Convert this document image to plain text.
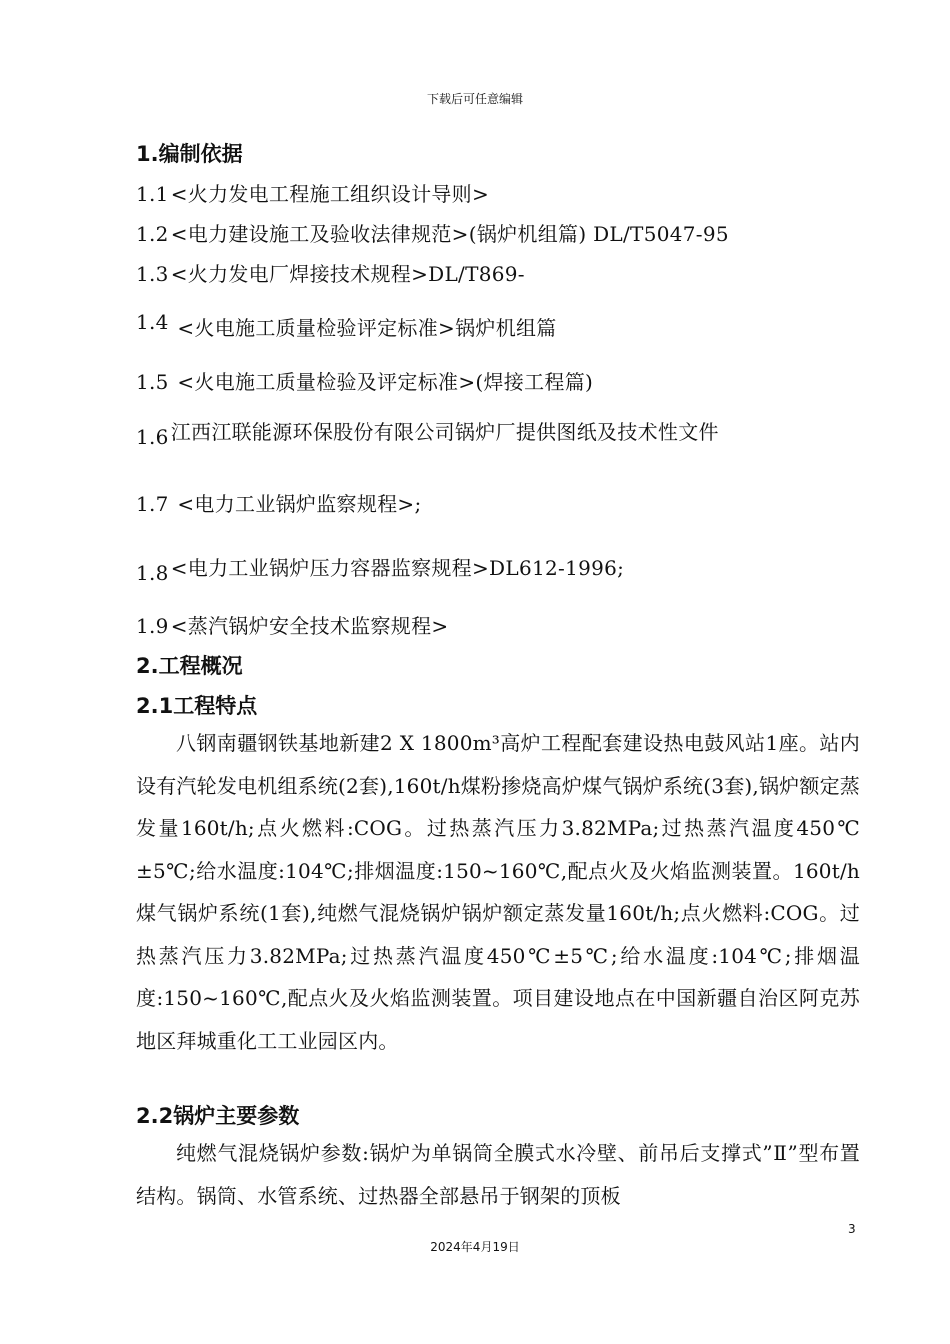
下载后可任意编辑
1.编制依据
1.1 <火力发电工程施工组织设计导则>
1.2 <电力建设施工及验收法律规范>(锅炉机组篇) DL/T5047-95
1.3 <火力发电厂焊接技术规程>DL/T869-
1.4 <火电施工质量检验评定标准>锅炉机组篇
1.5 <火电施工质量检验及评定标准>(焊接工程篇)
1.6 江西江联能源环保股份有限公司锅炉厂提供图纸及技术性文件
1.7 <电力工业锅炉监察规程>;
1.8 <电力工业锅炉压力容器监察规程>DL612-1996;
1.9 <蒸汽锅炉安全技术监察规程>
2.工程概况
2.1工程特点
八钢南疆钢铁基地新建2 X 1800m³高炉工程配套建设热电鼓风站1座。站内设有汽轮发电机组系统(2套),160t/h煤粉掺烧高炉煤气锅炉系统(3套),锅炉额定蒸发量160t/h;点火燃料:COG。过热蒸汽压力3.82MPa;过热蒸汽温度450℃±5℃;给水温度:104℃;排烟温度:150~160℃,配点火及火焰监测装置。160t/h煤气锅炉系统(1套),纯燃气混烧锅炉锅炉额定蒸发量160t/h;点火燃料:COG。过热蒸汽压力3.82MPa;过热蒸汽温度450℃±5℃;给水温度:104℃;排烟温度:150~160℃,配点火及火焰监测装置。项目建设地点在中国新疆自治区阿克苏地区拜城重化工工业园区内。
2.2锅炉主要参数
纯燃气混烧锅炉参数:锅炉为单锅筒全膜式水冷壁、前吊后支撑式”Ⅱ”型布置结构。锅筒、水管系统、过热器全部悬吊于钢架的顶板
3
2024年4月19日
